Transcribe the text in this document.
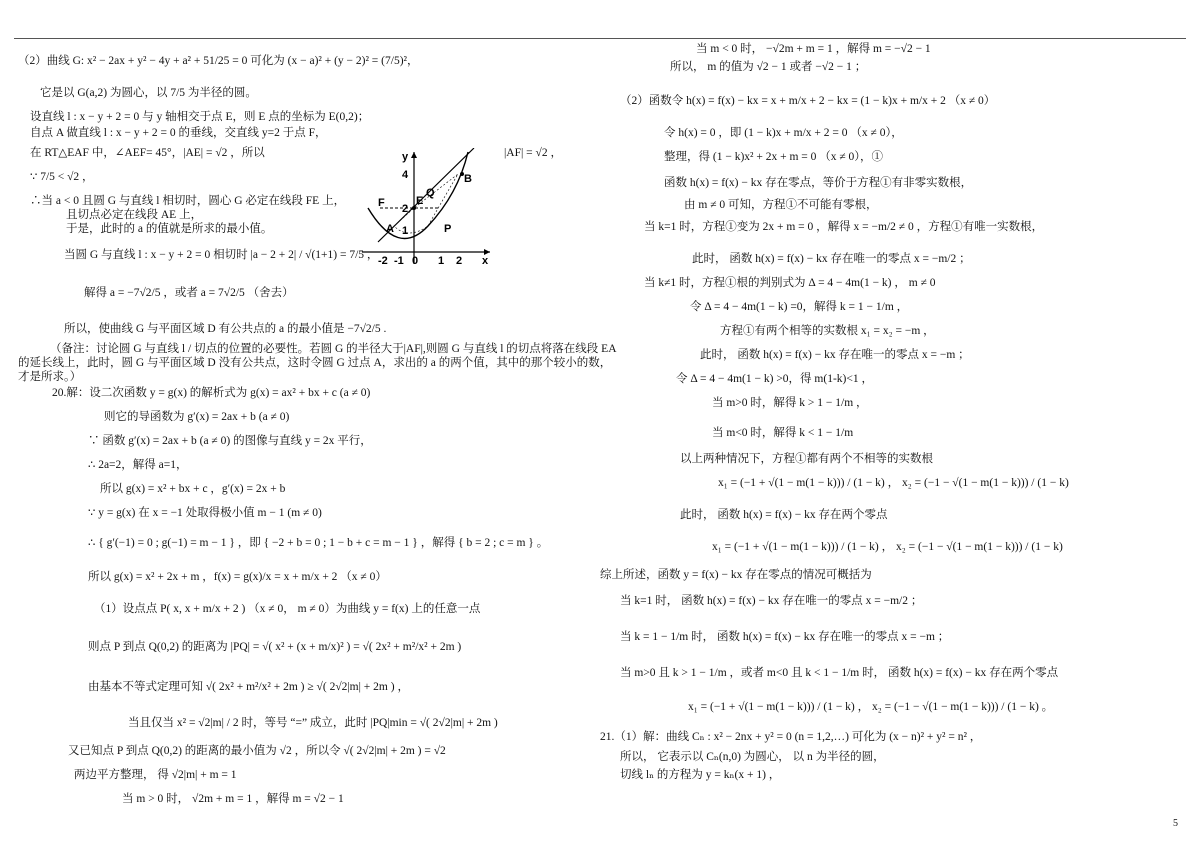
（2）曲线 G: x² − 2ax + y² − 4y + a² + 51/25 = 0 可化为 (x − a)² + (y − 2)² = (7/5)²，
它是以 G(a,2) 为圆心，以 7/5 为半径的圆。
设直线 l : x − y + 2 = 0 与 y 轴相交于点 E，则 E 点的坐标为 E(0,2)；
自点 A 做直线 l : x − y + 2 = 0 的垂线，交直线 y=2 于点 F，
在 RT△EAF 中，∠AEF= 45°，|AE| = √2 ，所以	|AF| = √2 ，
∵ 7/5 < √2 ，
∴当 a < 0 且圆 G 与直线 l 相切时，圆心 G 必定在线段 FE 上，
且切点必定在线段 AE 上，
于是，此时的 a 的值就是所求的最小值。
当圆 G 与直线 l : x − y + 2 = 0 相切时 |a − 2 + 2| / √(1+1) = 7/5 ，
解得 a = −7√2/5 ，或者 a = 7√2/5 （舍去）
所以，使曲线 G 与平面区域 D 有公共点的 a 的最小值是 −7√2/5 .
（备注：讨论圆 G 与直线 l / 切点的位置的必要性。若圆 G 的半径大于|AF|,则圆 G 与直线 l 的切点将落在线段 EA
的延长线上，此时，圆 G 与平面区域 D 没有公共点，这时令圆 G 过点 A，求出的 a 的两个值，其中的那个较小的数，
才是所求。）
20.解：设二次函数 y = g(x) 的解析式为 g(x) = ax² + bx + c (a ≠ 0)
则它的导函数为 g′(x) = 2ax + b (a ≠ 0)
∵ 函数 g′(x) = 2ax + b (a ≠ 0) 的图像与直线 y = 2x 平行，
∴ 2a=2，解得 a=1，
所以 g(x) = x² + bx + c ，g′(x) = 2x + b
∵ y = g(x) 在 x = −1 处取得极小值 m − 1 (m ≠ 0)
∴ { g′(−1) = 0 ; g(−1) = m − 1 } ，即 { −2 + b = 0 ; 1 − b + c = m − 1 } ，解得 { b = 2 ; c = m } 。
所以 g(x) = x² + 2x + m ，f(x) = g(x)/x = x + m/x + 2 （x ≠ 0）
（1）设点点 P( x, x + m/x + 2 ) （x ≠ 0， m ≠ 0）为曲线 y = f(x) 上的任意一点
则点 P 到点 Q(0,2) 的距离为 |PQ| = √( x² + (x + m/x)² ) = √( 2x² + m²/x² + 2m )
由基本不等式定理可知 √( 2x² + m²/x² + 2m ) ≥ √( 2√2|m| + 2m ) ，
当且仅当 x² = √2|m| / 2 时，等号 “=” 成立，此时 |PQ|min = √( 2√2|m| + 2m )
又已知点 P 到点 Q(0,2) 的距离的最小值为 √2 ，所以令 √( 2√2|m| + 2m ) = √2
两边平方整理， 得 √2|m| + m = 1
当 m > 0 时， √2m + m = 1 ，解得 m = √2 − 1
当 m < 0 时， −√2m + m = 1 ，解得 m = −√2 − 1
所以， m 的值为 √2 − 1 或者 −√2 − 1 ；
（2）函数令 h(x) = f(x) − kx = x + m/x + 2 − kx = (1 − k)x + m/x + 2 （x ≠ 0）
令 h(x) = 0 ，即 (1 − k)x + m/x + 2 = 0 （x ≠ 0），
整理，得 (1 − k)x² + 2x + m = 0 （x ≠ 0），①
函数 h(x) = f(x) − kx 存在零点，等价于方程①有非零实数根，
由 m ≠ 0 可知，方程①不可能有零根，
当 k=1 时，方程①变为 2x + m = 0 ，解得 x = −m/2 ≠ 0 ，方程①有唯一实数根，
此时， 函数 h(x) = f(x) − kx 存在唯一的零点 x = −m/2 ；
当 k≠1 时，方程①根的判别式为 Δ = 4 − 4m(1 − k) ， m ≠ 0
令 Δ = 4 − 4m(1 − k) =0，解得 k = 1 − 1/m ，
方程①有两个相等的实数根 x₁ = x₂ = −m ，
此时， 函数 h(x) = f(x) − kx 存在唯一的零点 x = −m ；
令 Δ = 4 − 4m(1 − k) >0，得 m(1-k)<1 ，
当 m>0 时，解得 k > 1 − 1/m ，
当 m<0 时，解得 k < 1 − 1/m
以上两种情况下，方程①都有两个不相等的实数根
x₁ = (−1 + √(1 − m(1 − k))) / (1 − k) ， x₂ = (−1 − √(1 − m(1 − k))) / (1 − k)
此时， 函数 h(x) = f(x) − kx 存在两个零点
x₁ = (−1 + √(1 − m(1 − k))) / (1 − k) ， x₂ = (−1 − √(1 − m(1 − k))) / (1 − k)
综上所述，函数 y = f(x) − kx 存在零点的情况可概括为
当 k=1 时， 函数 h(x) = f(x) − kx 存在唯一的零点 x = −m/2 ；
当 k = 1 − 1/m 时， 函数 h(x) = f(x) − kx 存在唯一的零点 x = −m ；
当 m>0 且 k > 1 − 1/m ，或者 m<0 且 k < 1 − 1/m 时， 函数 h(x) = f(x) − kx 存在两个零点
x₁ = (−1 + √(1 − m(1 − k))) / (1 − k) ， x₂ = (−1 − √(1 − m(1 − k))) / (1 − k) 。
21.（1）解：曲线 Cₙ : x² − 2nx + y² = 0 (n = 1,2,…) 可化为 (x − n)² + y² = n² ，
所以， 它表示以 Cₙ(n,0) 为圆心， 以 n 为半径的圆，
切线 lₙ 的方程为 y = kₙ(x + 1) ，
y
x
F	E
Q
B
A	P
4
2
1
-2 -1 0 1 2
5
